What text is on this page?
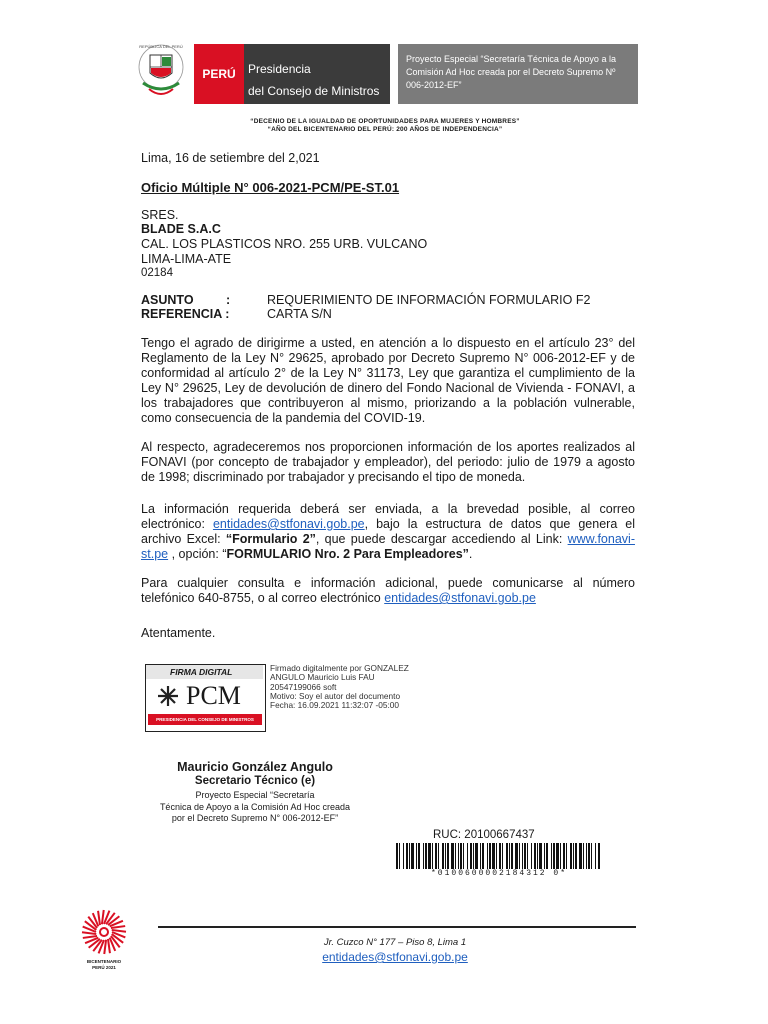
REPÚBLICA DEL PERÚ
PERÚ	Presidencia
del Consejo de Ministros
Proyecto Especial “Secretaría Técnica de Apoyo a la Comisión Ad Hoc creada por el Decreto Supremo Nº 006-2012-EF”
“DECENIO DE LA IGUALDAD DE OPORTUNIDADES PARA MUJERES Y HOMBRES”
“AÑO DEL BICENTENARIO DEL PERÚ: 200 AÑOS DE INDEPENDENCIA”
Lima, 16 de setiembre del 2,021
Oficio Múltiple N° 006-2021-PCM/PE-ST.01
SRES.
BLADE S.A.C
CAL. LOS PLASTICOS NRO. 255 URB. VULCANO
LIMA-LIMA-ATE
02184
ASUNTO	:	REQUERIMIENTO DE INFORMACIÓN FORMULARIO F2
REFERENCIA :	CARTA S/N
Tengo el agrado de dirigirme a usted, en atención a lo dispuesto en el artículo 23° del Reglamento de la Ley N° 29625, aprobado por Decreto Supremo N° 006-2012-EF y de conformidad al artículo 2° de la Ley N° 31173, Ley que garantiza el cumplimiento de la Ley N° 29625, Ley de devolución de dinero del Fondo Nacional de Vivienda - FONAVI, a los trabajadores que contribuyeron al mismo, priorizando a la población vulnerable, como consecuencia de la pandemia del COVID-19.
Al respecto, agradeceremos nos proporcionen información de los aportes realizados al FONAVI (por concepto de trabajador y empleador), del periodo: julio de 1979 a agosto de 1998; discriminado por trabajador y precisando el tipo de moneda.
La información requerida deberá ser enviada, a la brevedad posible, al correo electrónico: entidades@stfonavi.gob.pe, bajo la estructura de datos que genera el archivo Excel: “Formulario 2”, que puede descargar accediendo al Link: www.fonavi-st.pe , opción: “FORMULARIO Nro. 2 Para Empleadores”.
Para cualquier consulta e información adicional, puede comunicarse al número telefónico 640-8755, o al correo electrónico entidades@stfonavi.gob.pe
Atentamente.
FIRMA DIGITAL
PCM
PRESIDENCIA DEL CONSEJO DE MINISTROS
Firmado digitalmente por GONZALEZ
ANGULO Mauricio Luis FAU
20547199066 soft
Motivo: Soy el autor del documento
Fecha: 16.09.2021 11:32:07 -05:00
Mauricio González Angulo
Secretario Técnico (e)
Proyecto Especial “Secretaría
Técnica de Apoyo a la Comisión Ad Hoc creada
por el Decreto Supremo N° 006-2012-EF”
RUC: 20100667437
*0100600002184312 0*
BICENTENARIO
PERÚ 2021
Jr. Cuzco N° 177 – Piso 8, Lima 1
entidades@stfonavi.gob.pe
